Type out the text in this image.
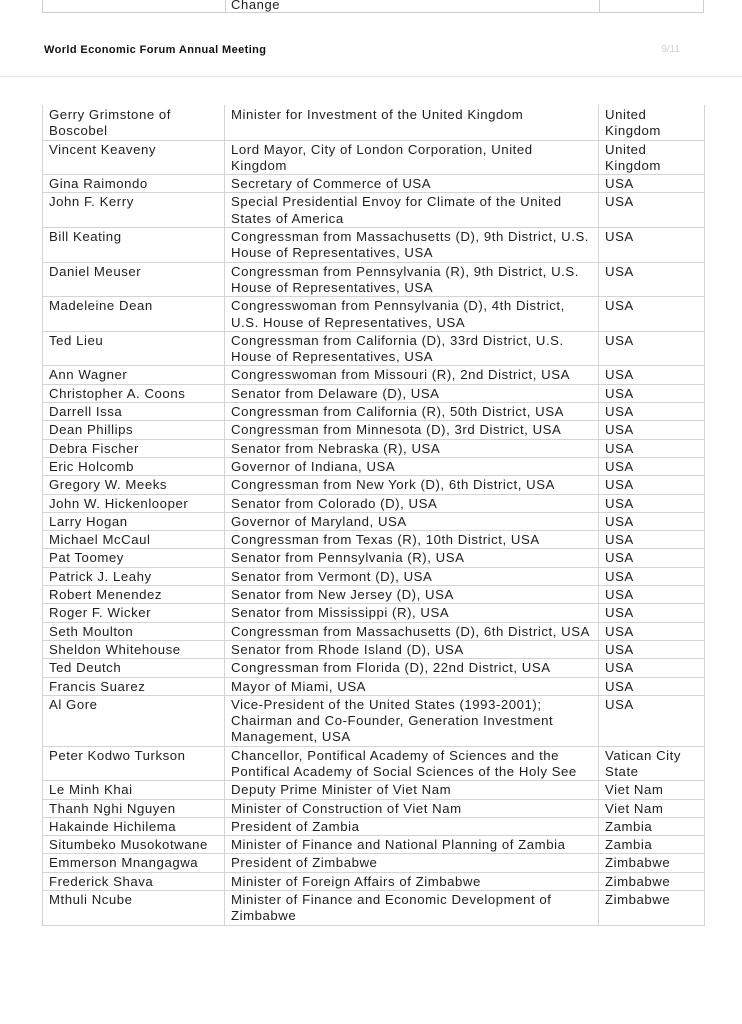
Change
World Economic Forum Annual Meeting	9/11
Gerry Grimstone of Boscobel	Minister for Investment of the United Kingdom	United Kingdom
Vincent Keaveny	Lord Mayor, City of London Corporation, United Kingdom	United Kingdom
Gina Raimondo	Secretary of Commerce of USA	USA
John F. Kerry	Special Presidential Envoy for Climate of the United States of America	USA
Bill Keating	Congressman from Massachusetts (D), 9th District, U.S. House of Representatives, USA	USA
Daniel Meuser	Congressman from Pennsylvania (R), 9th District, U.S. House of Representatives, USA	USA
Madeleine Dean	Congresswoman from Pennsylvania (D), 4th District, U.S. House of Representatives, USA	USA
Ted Lieu	Congressman from California (D), 33rd District, U.S. House of Representatives, USA	USA
Ann Wagner	Congresswoman from Missouri (R), 2nd District, USA	USA
Christopher A. Coons	Senator from Delaware (D), USA	USA
Darrell Issa	Congressman from California (R), 50th District, USA	USA
Dean Phillips	Congressman from Minnesota (D), 3rd District, USA	USA
Debra Fischer	Senator from Nebraska (R), USA	USA
Eric Holcomb	Governor of Indiana, USA	USA
Gregory W. Meeks	Congressman from New York (D), 6th District, USA	USA
John W. Hickenlooper	Senator from Colorado (D), USA	USA
Larry Hogan	Governor of Maryland, USA	USA
Michael McCaul	Congressman from Texas (R), 10th District, USA	USA
Pat Toomey	Senator from Pennsylvania (R), USA	USA
Patrick J. Leahy	Senator from Vermont (D), USA	USA
Robert Menendez	Senator from New Jersey (D), USA	USA
Roger F. Wicker	Senator from Mississippi (R), USA	USA
Seth Moulton	Congressman from Massachusetts (D), 6th District, USA	USA
Sheldon Whitehouse	Senator from Rhode Island (D), USA	USA
Ted Deutch	Congressman from Florida (D), 22nd District, USA	USA
Francis Suarez	Mayor of Miami, USA	USA
Al Gore	Vice-President of the United States (1993-2001); Chairman and Co-Founder, Generation Investment Management, USA	USA
Peter Kodwo Turkson	Chancellor, Pontifical Academy of Sciences and the Pontifical Academy of Social Sciences of the Holy See	Vatican City State
Le Minh Khai	Deputy Prime Minister of Viet Nam	Viet Nam
Thanh Nghi Nguyen	Minister of Construction of Viet Nam	Viet Nam
Hakainde Hichilema	President of Zambia	Zambia
Situmbeko Musokotwane	Minister of Finance and National Planning of Zambia	Zambia
Emmerson Mnangagwa	President of Zimbabwe	Zimbabwe
Frederick Shava	Minister of Foreign Affairs of Zimbabwe	Zimbabwe
Mthuli Ncube	Minister of Finance and Economic Development of Zimbabwe	Zimbabwe
